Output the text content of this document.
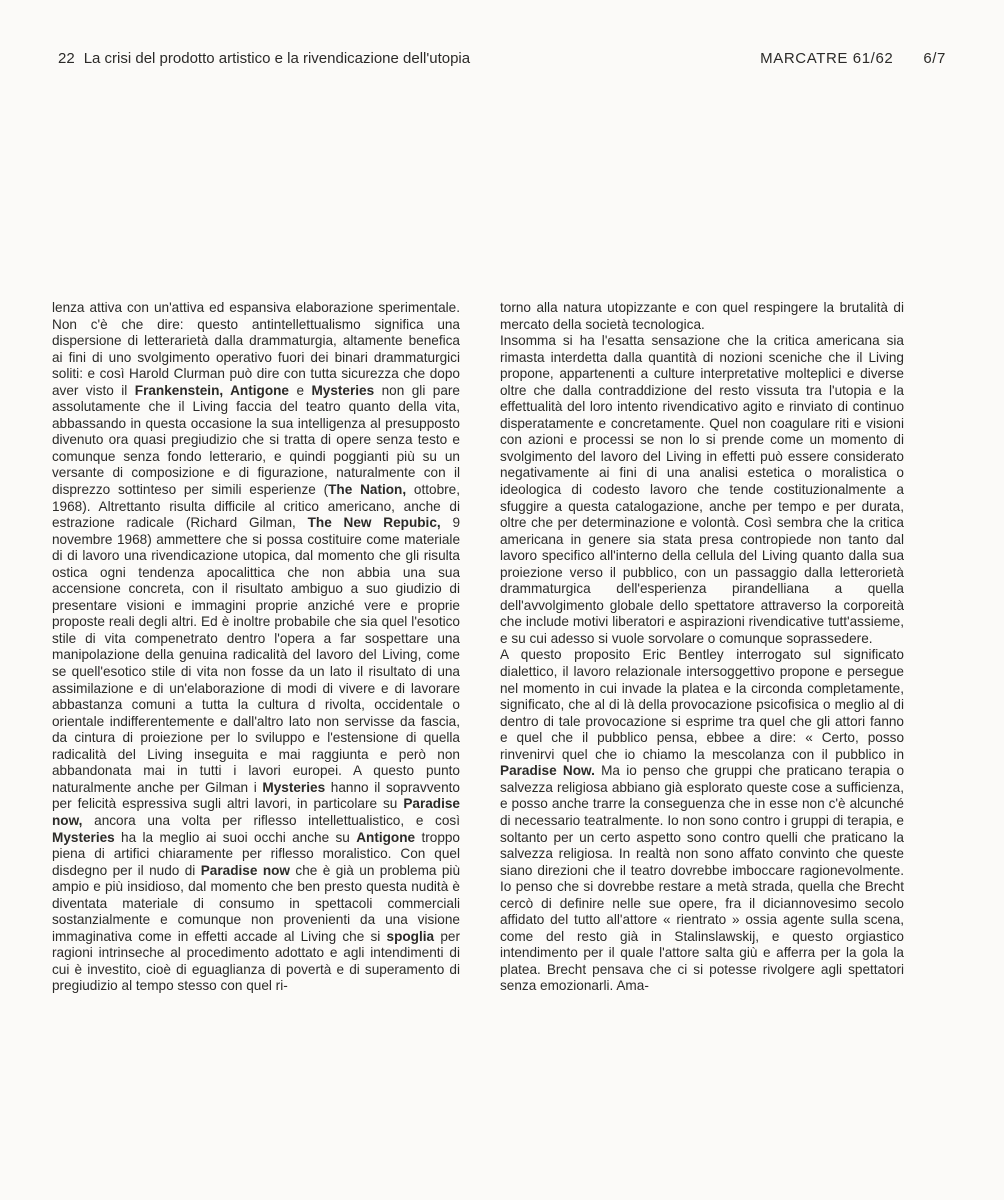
22 La crisi del prodotto artistico e la rivendicazione dell'utopia	MARCATRE 61/62 6/7

lenza attiva con un'attiva ed espansiva elaborazione sperimentale. Non c'è che dire: questo antintellettualismo significa una dispersione di letterarietà dalla drammaturgia, altamente benefica ai fini di uno svolgimento operativo fuori dei binari drammaturgici soliti: e così Harold Clurman può dire con tutta sicurezza che dopo aver visto il Frankenstein, Antigone e Mysteries non gli pare assolutamente che il Living faccia del teatro quanto della vita, abbassando in questa occasione la sua intelligenza al presupposto divenuto ora quasi pregiudizio che si tratta di opere senza testo e comunque senza fondo letterario, e quindi poggianti più su un versante di composizione e di figurazione, naturalmente con il disprezzo sottinteso per simili esperienze (The Nation, ottobre, 1968). Altrettanto risulta difficile al critico americano, anche di estrazione radicale (Richard Gilman, The New Repubic, 9 novembre 1968) ammettere che si possa costituire come materiale di di lavoro una rivendicazione utopica, dal momento che gli risulta ostica ogni tendenza apocalittica che non abbia una sua accensione concreta, con il risultato ambiguo a suo giudizio di presentare visioni e immagini proprie anziché vere e proprie proposte reali degli altri. Ed è inoltre probabile che sia quel l'esotico stile di vita compenetrato dentro l'opera a far sospettare una manipolazione della genuina radicalità del lavoro del Living, come se quell'esotico stile di vita non fosse da un lato il risultato di una assimilazione e di un'elaborazione di modi di vivere e di lavorare abbastanza comuni a tutta la cultura d rivolta, occidentale o orientale indifferentemente e dall'altro lato non servisse da fascia, da cintura di proiezione per lo sviluppo e l'estensione di quella radicalità del Living inseguita e mai raggiunta e però non abbandonata mai in tutti i lavori europei. A questo punto naturalmente anche per Gilman i Mysteries hanno il sopravvento per felicità espressiva sugli altri lavori, in particolare su Paradise now, ancora una volta per riflesso intellettualistico, e così Mysteries ha la meglio ai suoi occhi anche su Antigone troppo piena di artifici chiaramente per riflesso moralistico. Con quel disdegno per il nudo di Paradise now che è già un problema più ampio e più insidioso, dal momento che ben presto questa nudità è diventata materiale di consumo in spettacoli commerciali sostanzialmente e comunque non provenienti da una visione immaginativa come in effetti accade al Living che si spoglia per ragioni intrinseche al procedimento adottato e agli intendimenti di cui è investito, cioè di eguaglianza di povertà e di superamento di pregiudizio al tempo stesso con quel ri-

torno alla natura utopizzante e con quel respingere la brutalità di mercato della società tecnologica.

Insomma si ha l'esatta sensazione che la critica americana sia rimasta interdetta dalla quantità di nozioni sceniche che il Living propone, appartenenti a culture interpretative molteplici e diverse oltre che dalla contraddizione del resto vissuta tra l'utopia e la effettualità del loro intento rivendicativo agito e rinviato di continuo disperatamente e concretamente. Quel non coagulare riti e visioni con azioni e processi se non lo si prende come un momento di svolgimento del lavoro del Living in effetti può essere considerato negativamente ai fini di una analisi estetica o moralistica o ideologica di codesto lavoro che tende costituzionalmente a sfuggire a questa catalogazione, anche per tempo e per durata, oltre che per determinazione e volontà. Così sembra che la critica americana in genere sia stata presa contropiede non tanto dal lavoro specifico all'interno della cellula del Living quanto dalla sua proiezione verso il pubblico, con un passaggio dalla letterorietà drammaturgica dell'esperienza pirandelliana a quella dell'avvolgimento globale dello spettatore attraverso la corporeità che include motivi liberatori e aspirazioni rivendicative tutt'assieme, e su cui adesso si vuole sorvolare o comunque soprassedere.

A questo proposito Eric Bentley interrogato sul significato dialettico, il lavoro relazionale intersoggettivo propone e persegue nel momento in cui invade la platea e la circonda completamente, significato, che al di là della provocazione psicofisica o meglio al di dentro di tale provocazione si esprime tra quel che gli attori fanno e quel che il pubblico pensa, ebbee a dire: « Certo, posso rinvenirvi quel che io chiamo la mescolanza con il pubblico in Paradise Now. Ma io penso che gruppi che praticano terapia o salvezza religiosa abbiano già esplorato queste cose a sufficienza, e posso anche trarre la conseguenza che in esse non c'è alcunché di necessario teatralmente. Io non sono contro i gruppi di terapia, e soltanto per un certo aspetto sono contro quelli che praticano la salvezza religiosa. In realtà non sono affato convinto che queste siano direzioni che il teatro dovrebbe imboccare ragionevolmente. Io penso che si dovrebbe restare a metà strada, quella che Brecht cercò di definire nelle sue opere, fra il diciannovesimo secolo affidato del tutto all'attore « rientrato » ossia agente sulla scena, come del resto già in Stalinslawskij, e questo orgiastico intendimento per il quale l'attore salta giù e afferra per la gola la platea. Brecht pensava che ci si potesse rivolgere agli spettatori senza emozionarli. Ama-
